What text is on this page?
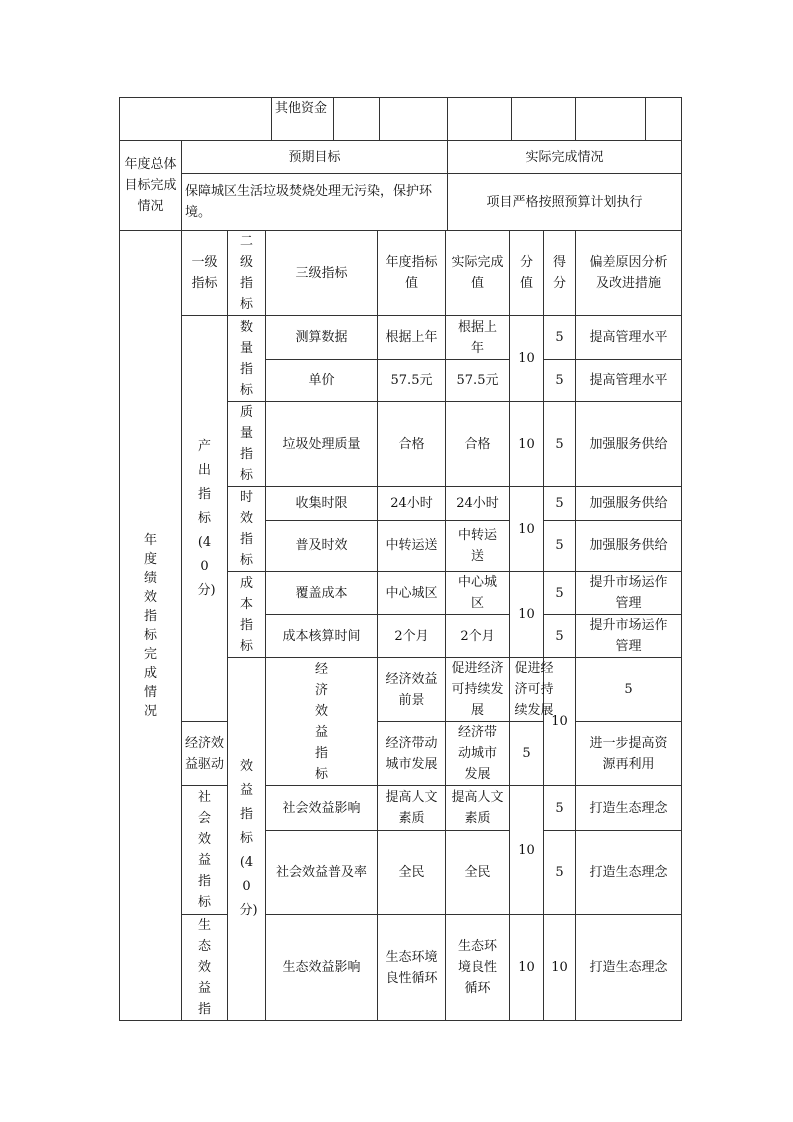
	其他资金						
年度总体目标完成情况	预期目标	实际完成情况
	保障城区生活垃圾焚烧处理无污染，保护环境。	项目严格按照预算计划执行
年度绩效指标完成情况	一级指标	二级指标	三级指标	年度指标值	实际完成值	分值	得分	偏差原因分析及改进措施	

	产出指标(40分)	数量指标	测算数据	根据上年	根据上年	10	5	提高管理水平	
			单价	57.5元	57.5元		5	提高管理水平	

		质量指标	垃圾处理质量	合格	合格	10	5	加强服务供给	

		时效指标	收集时限	24小时	24小时	10	5	加强服务供给	
			普及时效	中转运送	中转运送		5	加强服务供给	

		成本指标	覆盖成本	中心城区	中心城区	10	5	提升市场运作管理	

			成本核算时间	2个月	2个月		5	提升市场运作管理	

		效益指标(40分)	经济效益指标	经济效益前景	促进经济可持续发展	促进经济可持续发展	10	5	

	经济效益驱动			经济带动城市发展	经济带动城市发展	5		进一步提高资源再利用	

	社会效益指标		社会效益影响	提高人文素质	提高人文素质	10	5	打造生态理念	
			社会效益普及率	全民	全民		5	打造生态理念	

	生态效益指		生态效益影响	生态环境良性循环	生态环境良性循环	10	10	打造生态理念	
